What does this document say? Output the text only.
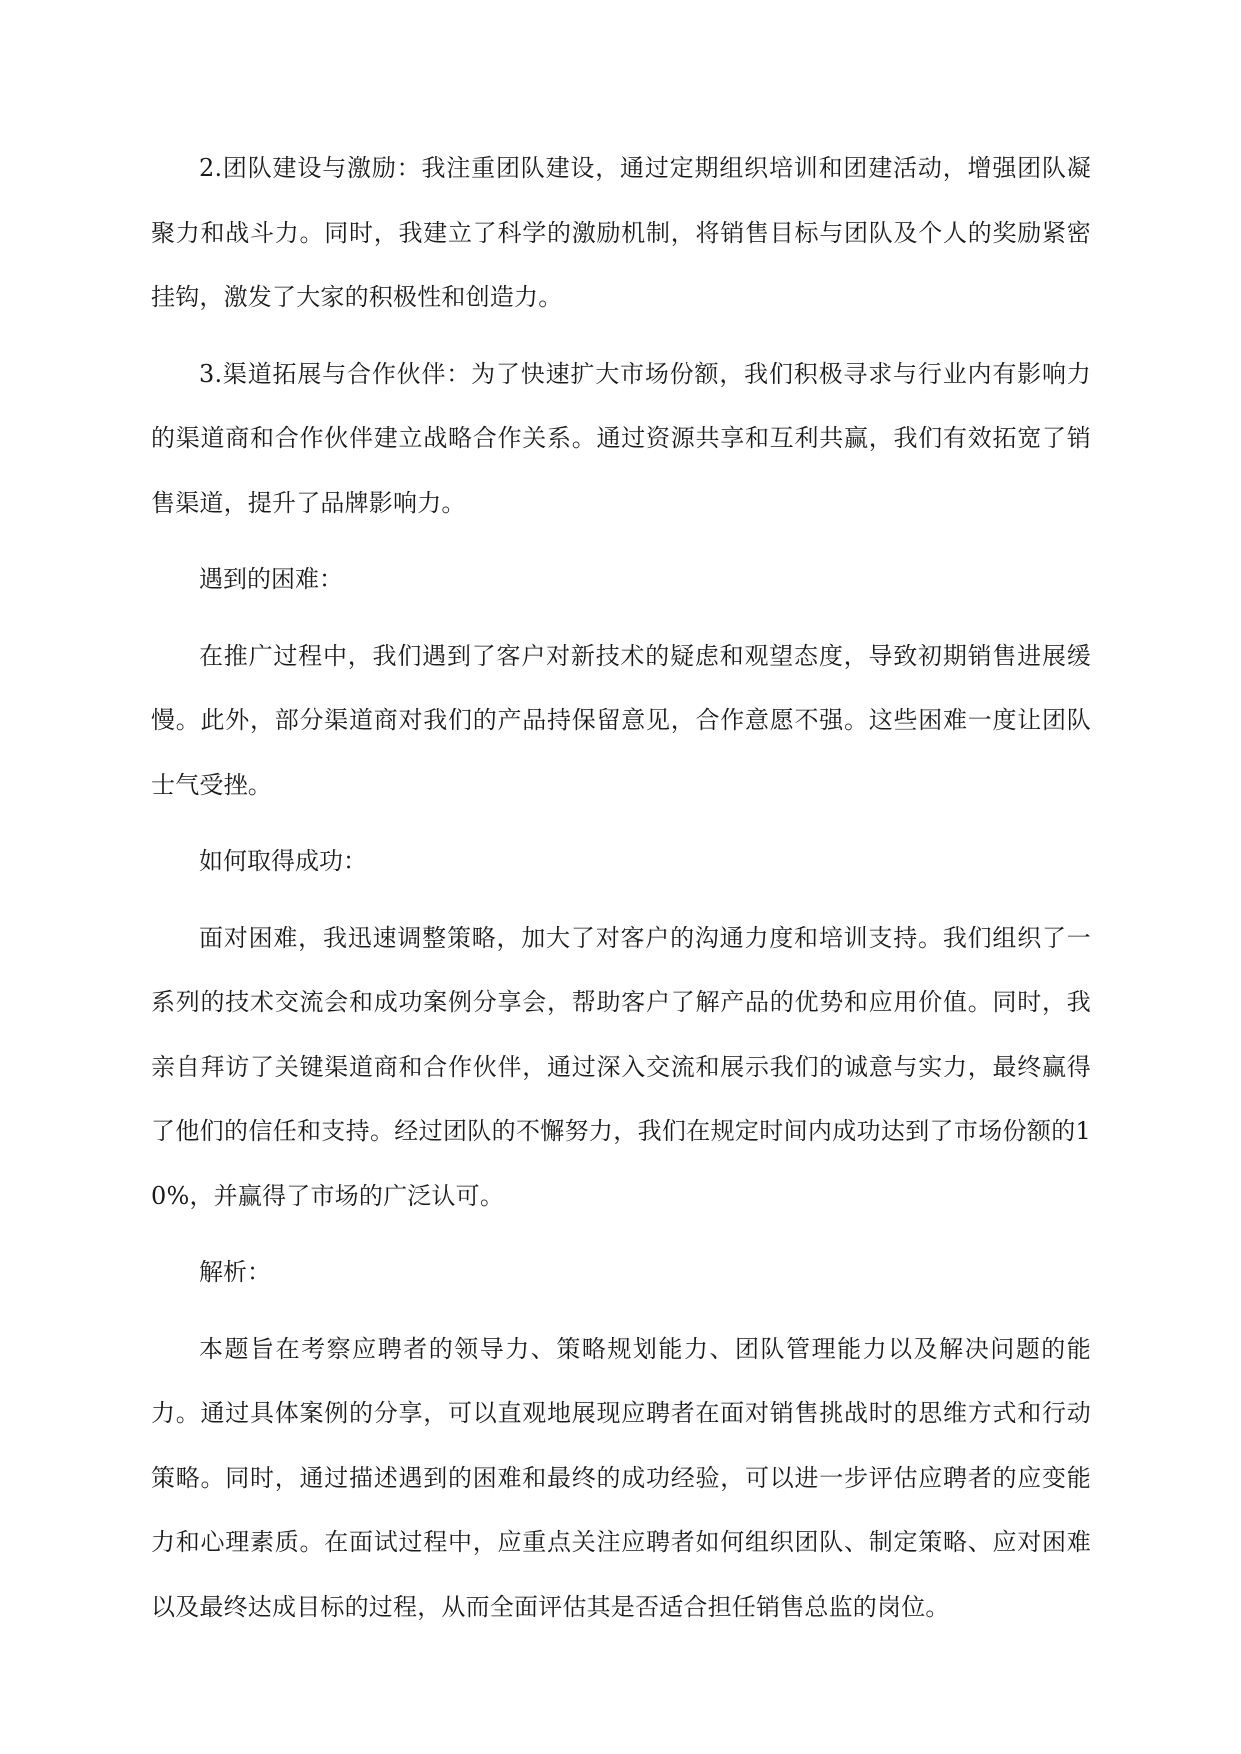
2.团队建设与激励：我注重团队建设，通过定期组织培训和团建活动，增强团队凝聚力和战斗力。同时，我建立了科学的激励机制，将销售目标与团队及个人的奖励紧密挂钩，激发了大家的积极性和创造力。

3.渠道拓展与合作伙伴：为了快速扩大市场份额，我们积极寻求与行业内有影响力的渠道商和合作伙伴建立战略合作关系。通过资源共享和互利共赢，我们有效拓宽了销售渠道，提升了品牌影响力。

遇到的困难：

在推广过程中，我们遇到了客户对新技术的疑虑和观望态度，导致初期销售进展缓慢。此外，部分渠道商对我们的产品持保留意见，合作意愿不强。这些困难一度让团队士气受挫。

如何取得成功：

面对困难，我迅速调整策略，加大了对客户的沟通力度和培训支持。我们组织了一系列的技术交流会和成功案例分享会，帮助客户了解产品的优势和应用价值。同时，我亲自拜访了关键渠道商和合作伙伴，通过深入交流和展示我们的诚意与实力，最终赢得了他们的信任和支持。经过团队的不懈努力，我们在规定时间内成功达到了市场份额的10%，并赢得了市场的广泛认可。

解析：

本题旨在考察应聘者的领导力、策略规划能力、团队管理能力以及解决问题的能力。通过具体案例的分享，可以直观地展现应聘者在面对销售挑战时的思维方式和行动策略。同时，通过描述遇到的困难和最终的成功经验，可以进一步评估应聘者的应变能力和心理素质。在面试过程中，应重点关注应聘者如何组织团队、制定策略、应对困难以及最终达成目标的过程，从而全面评估其是否适合担任销售总监的岗位。
